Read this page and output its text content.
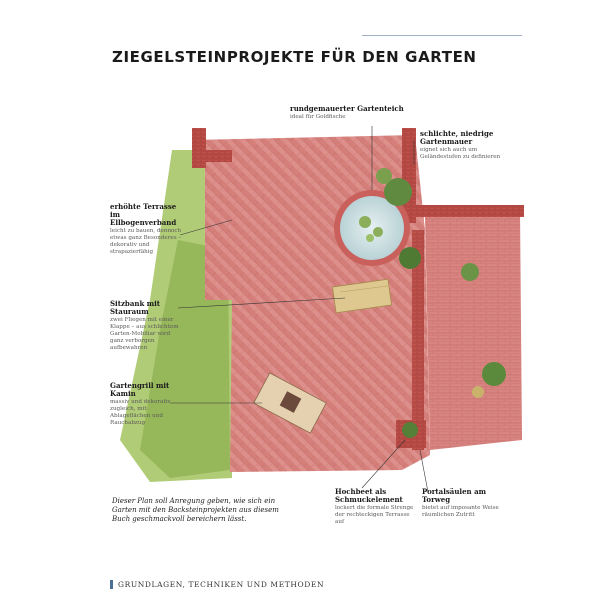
ZIEGELSTEINPROJEKTE FÜR DEN GARTEN
rundgemauerter Gartenteich
ideal für Goldfische
schlichte, niedrige Gartenmauer
eignet sich auch um Geländestufen zu definieren
erhöhte Terrasse im Ellbogenverband
leicht zu bauen, dennoch etwas ganz Besonderes – dekorativ und strapazierfähig
Sitzbank mit Stauraum
zwei Fliegen mit einer Klappe – aus schlichtem Garten-Mobiliar wird ganz verborgen aufbewahren
Gartengrill mit Kamin
massiv und dekorativ zugleich, mit Ablageflächen und Rauchabzug
Hochbeet als Schmuckelement
lockert die formale Strenge der rechteckigen Terrasse auf
Portalsäulen am Torweg
bietet auf imposante Weise räumlichen Zutritt
Dieser Plan soll Anregung geben, wie sich ein Garten mit den Backsteinprojekten aus diesem Buch geschmackvoll bereichern lässt.
GRUNDLAGEN, TECHNIKEN UND METHODEN
